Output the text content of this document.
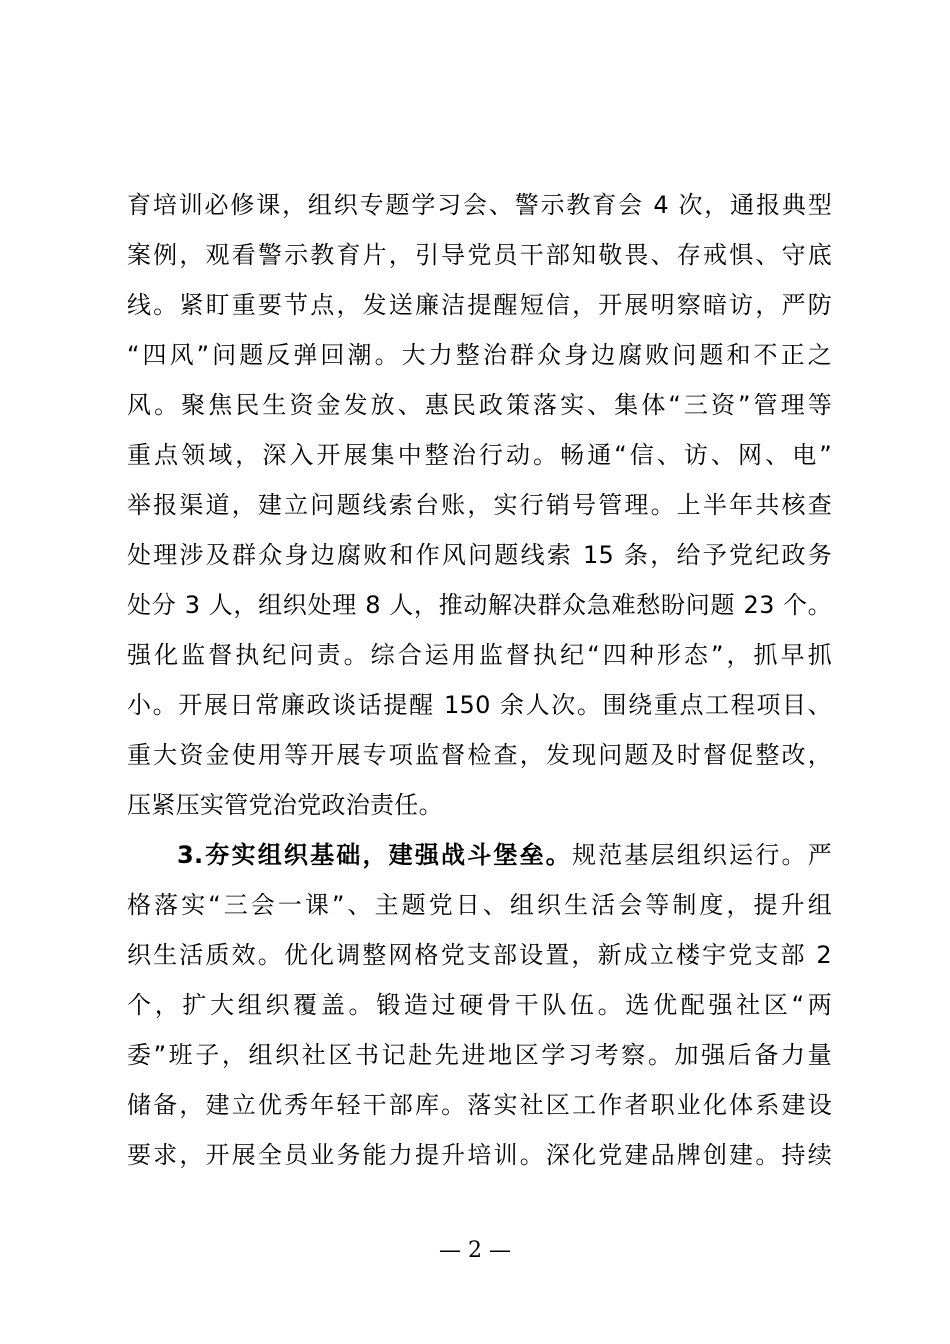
育培训必修课，组织专题学习会、警示教育会 4 次，通报典型
案例，观看警示教育片，引导党员干部知敬畏、存戒惧、守底
线。紧盯重要节点，发送廉洁提醒短信，开展明察暗访，严防
“四风”问题反弹回潮。大力整治群众身边腐败问题和不正之
风。聚焦民生资金发放、惠民政策落实、集体“三资”管理等
重点领域，深入开展集中整治行动。畅通“信、访、网、电”
举报渠道，建立问题线索台账，实行销号管理。上半年共核查
处理涉及群众身边腐败和作风问题线索 15 条，给予党纪政务
处分 3 人，组织处理 8 人，推动解决群众急难愁盼问题 23 个。
强化监督执纪问责。综合运用监督执纪“四种形态”，抓早抓
小。开展日常廉政谈话提醒 150 余人次。围绕重点工程项目、
重大资金使用等开展专项监督检查，发现问题及时督促整改，
压紧压实管党治党政治责任。
3.夯实组织基础，建强战斗堡垒。规范基层组织运行。严
格落实“三会一课”、主题党日、组织生活会等制度，提升组
织生活质效。优化调整网格党支部设置，新成立楼宇党支部 2
个，扩大组织覆盖。锻造过硬骨干队伍。选优配强社区“两
委”班子，组织社区书记赴先进地区学习考察。加强后备力量
储备，建立优秀年轻干部库。落实社区工作者职业化体系建设
要求，开展全员业务能力提升培训。深化党建品牌创建。持续
— 2 —
